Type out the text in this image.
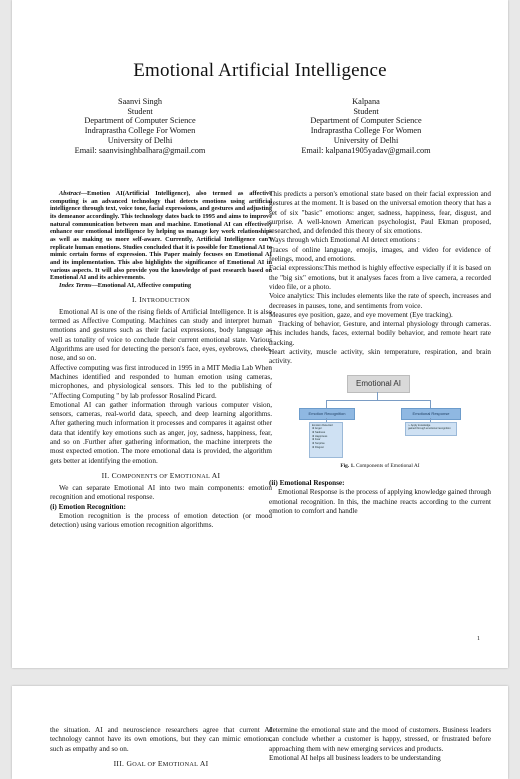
Emotional Artificial Intelligence
Saanvi Singh
Student
Department of Computer Science
Indraprastha College For Women
University of Delhi
Email: saanvisinghbalhara@gmail.com
Kalpana
Student
Department of Computer Science
Indraprastha College For Women
University of Delhi
Email: kalpana1905yadav@gmail.com

Abstract—Emotion AI(Artificial Intelligence), also termed as affective computing is an advanced technology that detects emotions using artificial intelligence through text, voice tone, facial expressions, and gestures and adjusting its demeanor accordingly. This technology dates back to 1995 and aims to improve natural communication between man and machine. Emotional AI can effectively enhance our emotional intelligence by helping us manage key work relationships as well as making us more self-aware. Currently, Artificial Intelligence can't replicate human emotions. Studies concluded that it is possible for Emotional AI to mimic certain forms of expression. This Paper mainly focuses on Emotional AI and its implementation. This also highlights the significance of Emotional AI in various aspects. It will also provide you the knowledge of past research based on Emotional AI and its achievements.

Index Terms—Emotional AI, Affective computing

I. INTRODUCTION

Emotional AI is one of the rising fields of Artificial Intelligence. It is also termed as Affective Computing. Machines can study and interpret human emotions and gestures such as their facial expressions, body language as well as tonality of voice to conclude their current emotional state. Various Algorithms are used for detecting the person's face, eyes, eyebrows, cheeks, nose, and so on.

Affective computing was first introduced in 1995 in a MIT Media Lab When Machines identified and responded to human emotion using cameras, microphones, and physiological sensors. This led to the publishing of "Affecting Computing " by lab professor Rosalind Picard.

Emotional AI can gather information through various computer vision, sensors, cameras, real-world data, speech, and deep learning algorithms. After gathering much information it processes and compares it against other data that identify key emotions such as anger, joy, sadness, happiness, fear, and so on .Further after gathering information, the machine interprets the most expected emotion. The more emotional data is provided, the algorithm gets better at identifying the emotion.

II. COMPONENTS OF EMOTIONAL AI

We can separate Emotional AI into two main components: emotion recognition and emotional response.

(i) Emotion Recognition:

Emotion recognition is the process of emotion detection (or mood detection) using various emotion recognition algorithms.

This predicts a person's emotional state based on their facial expression and gestures at the moment. It is based on the universal emotion theory that has a set of six "basic" emotions: anger, sadness, happiness, fear, disgust, and surprise. A well-known American psychologist, Paul Ekman proposed, researched, and defended this theory of six emotions.

Ways through which Emotional AI detect emotions :

Traces of online language, emojis, images, and video for evidence of feelings, mood, and emotions.

Facial expressions:This method is highly effective especially if it is based on the "big six" emotions, but it analyses faces from a live camera, a recorded video file, or a photo.

Voice analytics: This includes elements like the rate of speech, increases and decreases in pauses, tone, and sentiments from voice.

Measures eye position, gaze, and eye movement (Eye tracking).

Tracking of behavior, Gesture, and internal physiology through cameras. This includes hands, faces, external bodily behavior, and remote heart rate tracking.

Heart activity, muscle activity, skin temperature, respiration, and brain activity.

Emotional AI
Emotion Recognition	Emotional Response
Emotion Detected
❖ Anger
❖ Sadness
❖ Happiness
❖ Fear
❖ Surprise
❖ Disgust
➢ Apply knowledge
gained through emotional recognition
Fig. 1. Components of Emotional AI

(ii) Emotional Response:

Emotional Response is the process of applying knowledge gained through emotional recognition. In this, the machine reacts according to the current emotion to comfort and handle

1

the situation. AI and neuroscience researchers agree that current AI technology cannot have its own emotions, but they can mimic emotions, such as empathy and so on.

III. GOAL OF EMOTIONAL AI

determine the emotional state and the mood of customers. Business leaders can conclude whether a customer is happy, stressed, or frustrated before approaching them with new emerging services and products.

Emotional AI helps all business leaders to be understanding
